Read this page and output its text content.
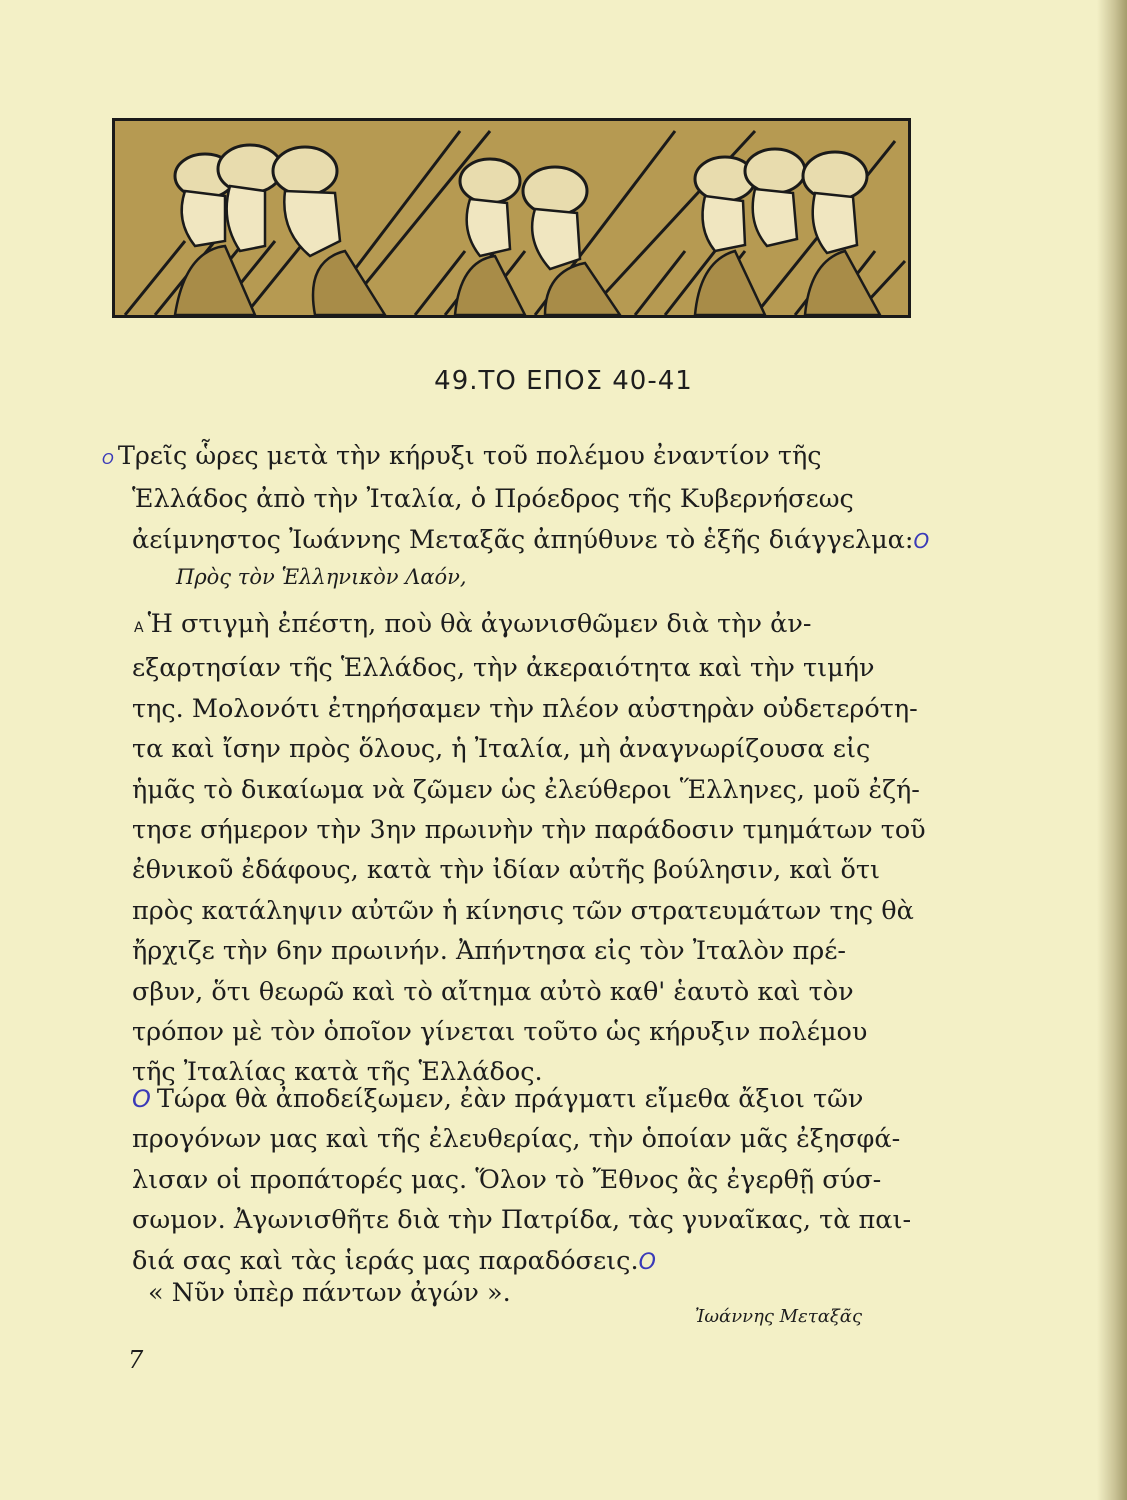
49.ΤΟ ΕΠΟΣ 40-41
O Τρεῖς ὧρες μετὰ τὴν κήρυξι τοῦ πολέμου ἐναντίον τῆς
Ἑλλάδος ἀπὸ τὴν Ἰταλία, ὁ Πρόεδρος τῆς Κυβερνήσεως
ἀείμνηστος Ἰωάννης Μεταξᾶς ἀπηύθυνε τὸ ἑξῆς διάγγελμα:O
Πρὸς τὸν Ἑλληνικὸν Λαόν,
A Ἡ στιγμὴ ἐπέστη, ποὺ θὰ ἀγωνισθῶμεν διὰ τὴν ἀν-
εξαρτησίαν τῆς Ἑλλάδος, τὴν ἀκεραιότητα καὶ τὴν τιμήν
της. Μολονότι ἐτηρήσαμεν τὴν πλέον αὐστηρὰν οὐδετερότη-
τα καὶ ἴσην πρὸς ὅλους, ἡ Ἰταλία, μὴ ἀναγνωρίζουσα εἰς
ἡμᾶς τὸ δικαίωμα νὰ ζῶμεν ὡς ἐλεύθεροι Ἕλληνες, μοῦ ἐζή-
τησε σήμερον τὴν 3ην πρωινὴν τὴν παράδοσιν τμημάτων τοῦ
ἐθνικοῦ ἐδάφους, κατὰ τὴν ἰδίαν αὐτῆς βούλησιν, καὶ ὅτι
πρὸς κατάληψιν αὐτῶν ἡ κίνησις τῶν στρατευμάτων της θὰ
ἤρχιζε τὴν 6ην πρωινήν. Ἀπήντησα εἰς τὸν Ἰταλὸν πρέ-
σβυν, ὅτι θεωρῶ καὶ τὸ αἴτημα αὐτὸ καθ' ἑαυτὸ καὶ τὸν
τρόπον μὲ τὸν ὁποῖον γίνεται τοῦτο ὡς κήρυξιν πολέμου
τῆς Ἰταλίας κατὰ τῆς Ἑλλάδος.
O Τώρα θὰ ἀποδείξωμεν, ἐὰν πράγματι εἴμεθα ἄξιοι τῶν
προγόνων μας καὶ τῆς ἐλευθερίας, τὴν ὁποίαν μᾶς ἐξησφά-
λισαν οἱ προπάτορές μας. Ὅλον τὸ Ἔθνος ἂς ἐγερθῇ σύσ-
σωμον. Ἀγωνισθῆτε διὰ τὴν Πατρίδα, τὰς γυναῖκας, τὰ παι-
διά σας καὶ τὰς ἱεράς μας παραδόσεις.O
« Νῦν ὑπὲρ πάντων ἀγών ».
Ἰωάννης Μεταξᾶς
7
